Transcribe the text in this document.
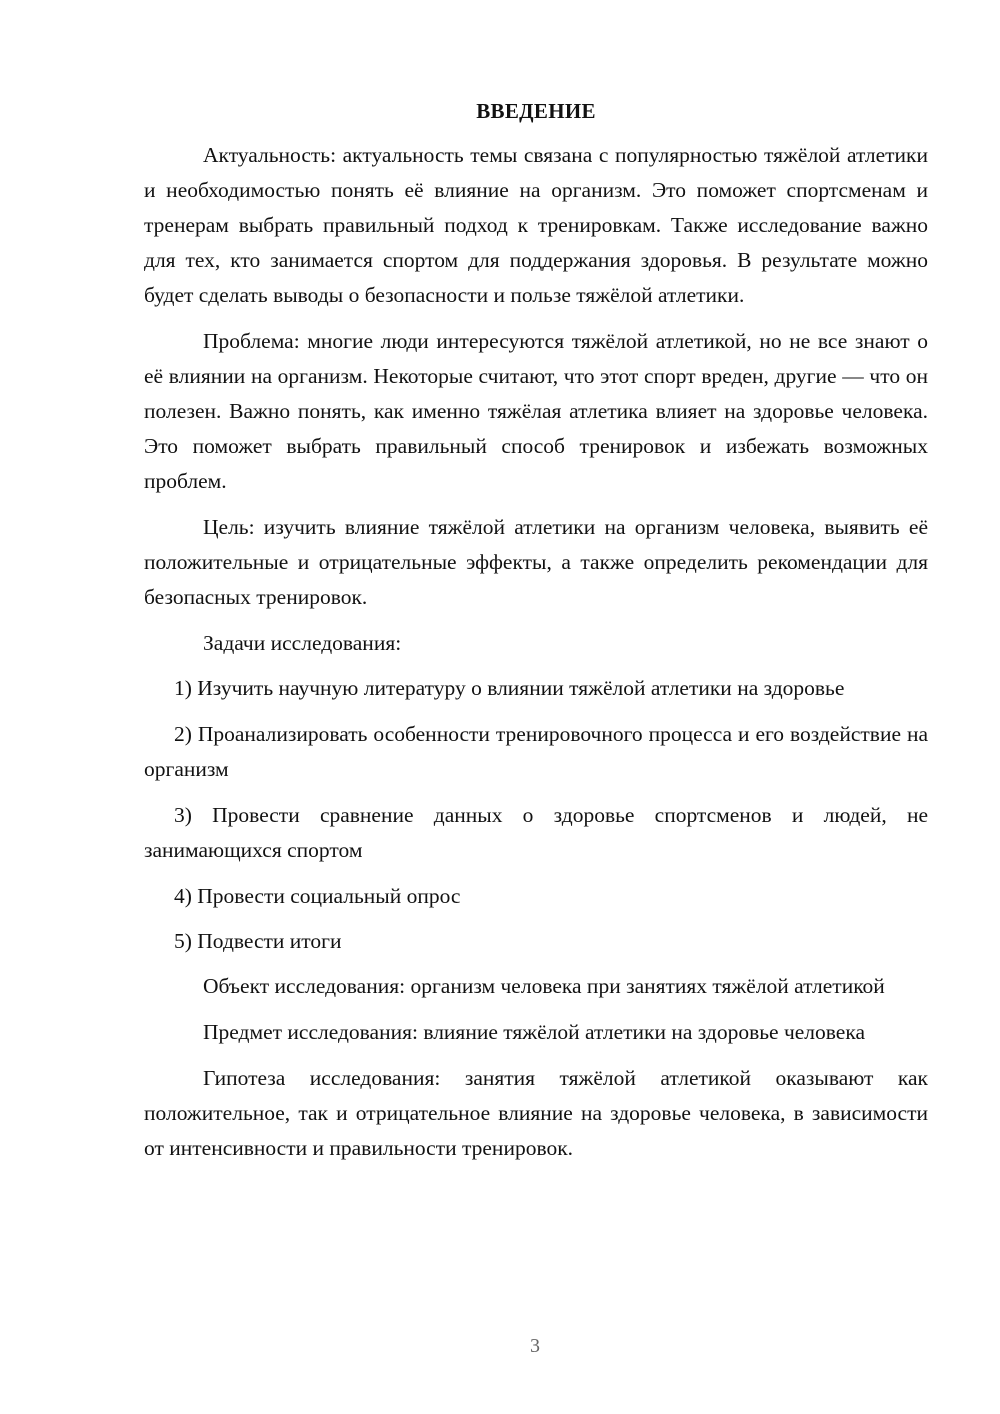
ВВЕДЕНИЕ

Актуальность: актуальность темы связана с популярностью тяжёлой атлетики и необходимостью понять её влияние на организм. Это поможет спортсменам и тренерам выбрать правильный подход к тренировкам. Также исследование важно для тех, кто занимается спортом для поддержания здоровья. В результате можно будет сделать выводы о безопасности и пользе тяжёлой атлетики.

Проблема: многие люди интересуются тяжёлой атлетикой, но не все знают о её влиянии на организм. Некоторые считают, что этот спорт вреден, другие — что он полезен. Важно понять, как именно тяжёлая атлетика влияет на здоровье человека. Это поможет выбрать правильный способ тренировок и избежать возможных проблем.

Цель: изучить влияние тяжёлой атлетики на организм человека, выявить её положительные и отрицательные эффекты, а также определить рекомендации для безопасных тренировок.

Задачи исследования:

1) Изучить научную литературу о влиянии тяжёлой атлетики на здоровье

2) Проанализировать особенности тренировочного процесса и его воздействие на организм

3) Провести сравнение данных о здоровье спортсменов и людей, не занимающихся спортом

4) Провести социальный опрос

5) Подвести итоги

Объект исследования: организм человека при занятиях тяжёлой атлетикой

Предмет исследования: влияние тяжёлой атлетики на здоровье человека

Гипотеза исследования: занятия тяжёлой атлетикой оказывают как положительное, так и отрицательное влияние на здоровье человека, в зависимости от интенсивности и правильности тренировок.

3
